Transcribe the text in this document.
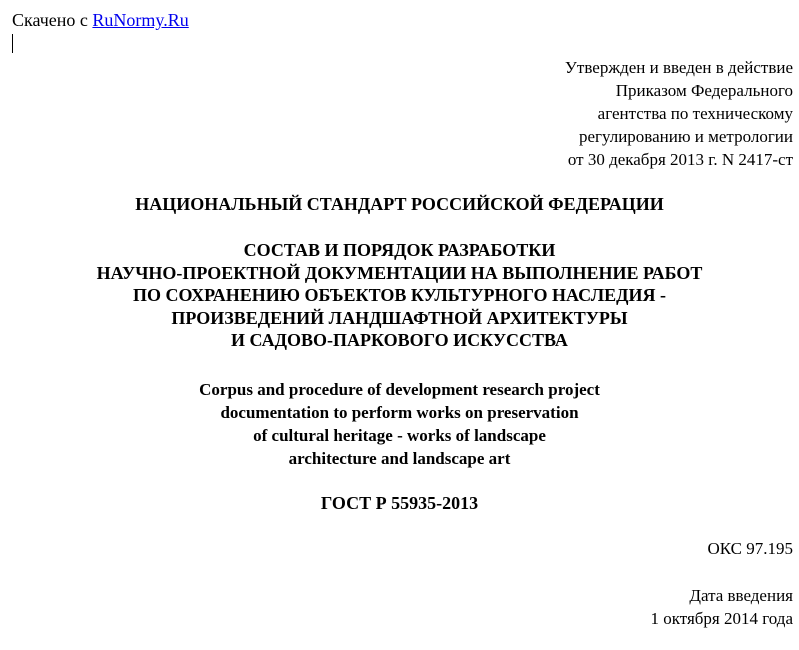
Скачено с RuNormy.Ru
Утвержден и введен в действие
Приказом Федерального
агентства по техническому
регулированию и метрологии
от 30 декабря 2013 г. N 2417-ст
НАЦИОНАЛЬНЫЙ СТАНДАРТ РОССИЙСКОЙ ФЕДЕРАЦИИ
СОСТАВ И ПОРЯДОК РАЗРАБОТКИ
НАУЧНО-ПРОЕКТНОЙ ДОКУМЕНТАЦИИ НА ВЫПОЛНЕНИЕ РАБОТ
ПО СОХРАНЕНИЮ ОБЪЕКТОВ КУЛЬТУРНОГО НАСЛЕДИЯ -
ПРОИЗВЕДЕНИЙ ЛАНДШАФТНОЙ АРХИТЕКТУРЫ
И САДОВО-ПАРКОВОГО ИСКУССТВА
Corpus and procedure of development research project
documentation to perform works on preservation
of cultural heritage - works of landscape
architecture and landscape art
ГОСТ Р 55935-2013
ОКС 97.195
Дата введения
1 октября 2014 года
